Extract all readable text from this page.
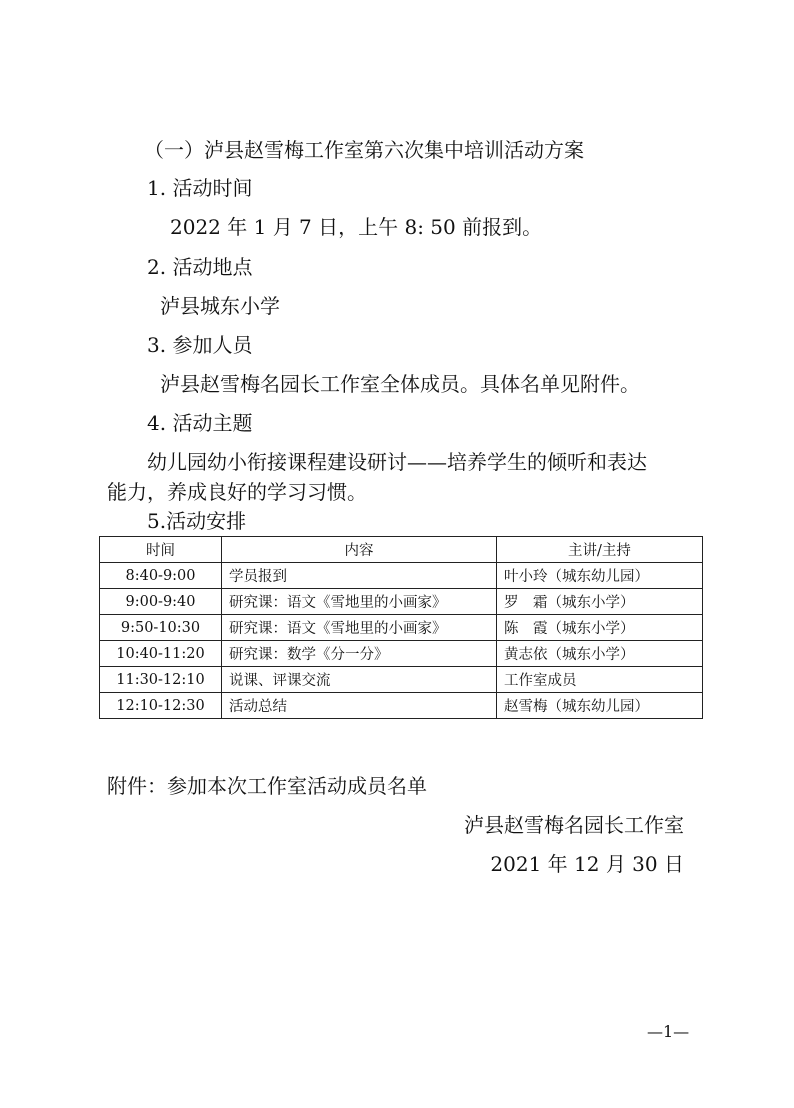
（一）泸县赵雪梅工作室第六次集中培训活动方案
1. 活动时间
2022 年 1 月 7 日，上午 8: 50 前报到。
2. 活动地点
泸县城东小学
3. 参加人员
泸县赵雪梅名园长工作室全体成员。具体名单见附件。
4. 活动主题
幼儿园幼小衔接课程建设研讨——培养学生的倾听和表达
能力，养成良好的学习习惯。
5.活动安排
时间	内容	主讲/主持
8:40-9:00	学员报到	叶小玲（城东幼儿园）
9:00-9:40	研究课：语文《雪地里的小画家》	罗　霜（城东小学）
9:50-10:30	研究课：语文《雪地里的小画家》	陈　霞（城东小学）
10:40-11:20	研究课：数学《分一分》	黄志依（城东小学）
11:30-12:10	说课、评课交流	工作室成员
12:10-12:30	活动总结	赵雪梅（城东幼儿园）
附件：参加本次工作室活动成员名单
泸县赵雪梅名园长工作室
2021 年 12 月 30 日
—1—
